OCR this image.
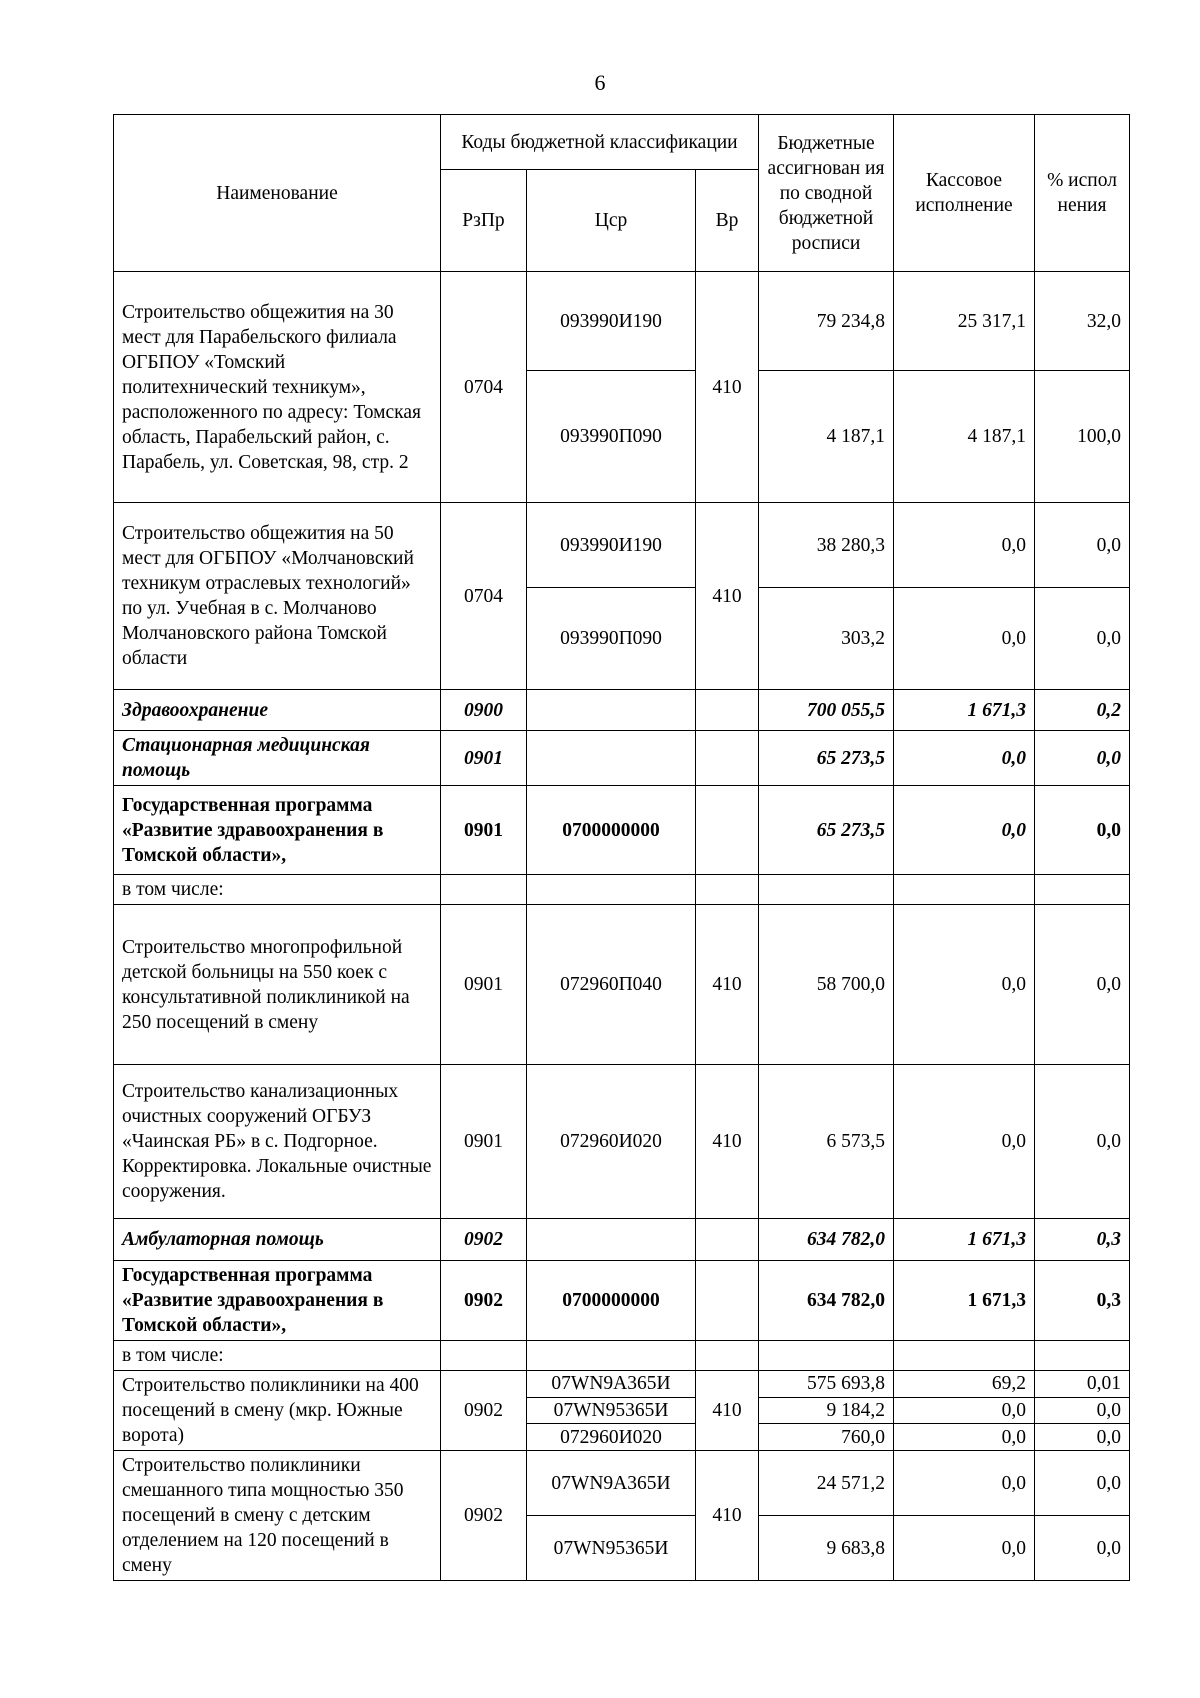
6
Наименование	Коды бюджетной классификации			Бюджетные ассигнован ия по сводной бюджетной росписи	Кассовое исполнение	% испол нения
	РзПр	Цср	Вр			
Строительство общежития на 30 мест для Парабельского филиала ОГБПОУ «Томский политехнический техникум», расположенного по адресу: Томская область, Парабельский район, с. Парабель, ул. Советская, 98, стр. 2	0704	093990И190	410	79 234,8	25 317,1	32,0
		093990П090		4 187,1	4 187,1	100,0
Строительство общежития на 50 мест для ОГБПОУ «Молчановский техникум отраслевых технологий» по ул. Учебная в с. Молчаново Молчановского района Томской области	0704	093990И190	410	38 280,3	0,0	0,0
		093990П090		303,2	0,0	0,0
Здравоохранение	0900			700 055,5	1 671,3	0,2
Стационарная медицинская помощь	0901			65 273,5	0,0	0,0
Государственная программа «Развитие здравоохранения в Томской области»,	0901	0700000000		65 273,5	0,0	0,0
в том числе:						
Строительство многопрофильной детской больницы на 550 коек с консультативной поликлиникой на 250 посещений в смену	0901	072960П040	410	58 700,0	0,0	0,0
Строительство канализационных очистных сооружений ОГБУЗ «Чаинская РБ» в с. Подгорное. Корректировка. Локальные очистные сооружения.	0901	072960И020	410	6 573,5	0,0	0,0
Амбулаторная помощь	0902			634 782,0	1 671,3	0,3
Государственная программа «Развитие здравоохранения в Томской области»,	0902	0700000000		634 782,0	1 671,3	0,3
в том числе:						
Строительство поликлиники на 400 посещений в смену (мкр. Южные ворота)	0902	07WN9А365И	410	575 693,8	69,2	0,01
		07WN95365И		9 184,2	0,0	0,0
		072960И020		760,0	0,0	0,0
Строительство поликлиники смешанного типа мощностью 350 посещений в смену с детским отделением на 120 посещений в смену	0902	07WN9А365И	410	24 571,2	0,0	0,0
		07WN95365И		9 683,8	0,0	0,0
